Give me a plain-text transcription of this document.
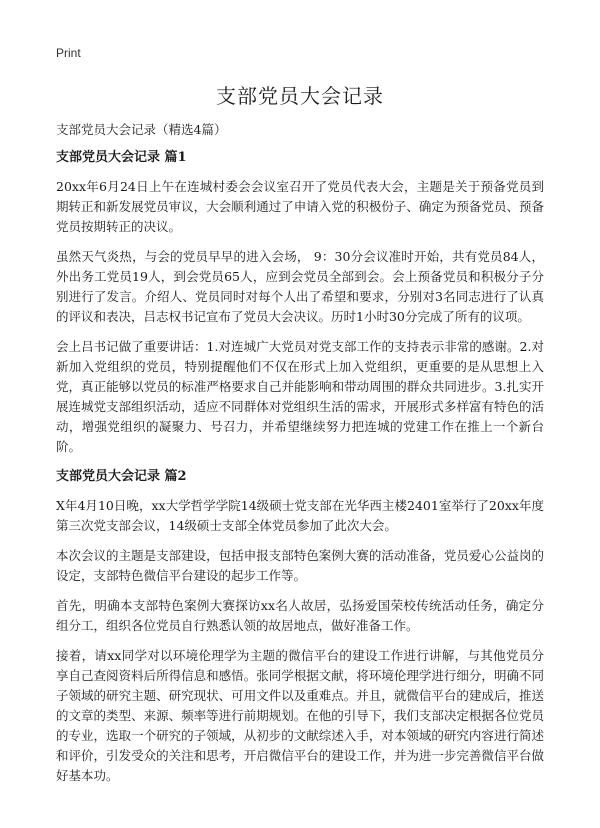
Print
支部党员大会记录

支部党员大会记录（精选4篇）

支部党员大会记录 篇1

20xx年6月24日上午在连城村委会会议室召开了党员代表大会，主题是关于预备党员到期转正和新发展党员审议，大会顺利通过了申请入党的积极份子、确定为预备党员、预备党员按期转正的决议。

虽然天气炎热，与会的党员早早的进入会场， 9：30分会议准时开始，共有党员84人，外出务工党员19人，到会党员65人，应到会党员全部到会。会上预备党员和积极分子分别进行了发言。介绍人、党员同时对每个人出了希望和要求，分别对3名同志进行了认真的评议和表决，吕志权书记宣布了党员大会决议。历时1小时30分完成了所有的议项。

会上吕书记做了重要讲话：1.对连城广大党员对党支部工作的支持表示非常的感谢。2.对新加入党组织的党员，特别提醒他们不仅在形式上加入党组织，更重要的是从思想上入党，真正能够以党员的标准严格要求自己并能影响和带动周围的群众共同进步。3.扎实开展连城党支部组织活动，适应不同群体对党组织生活的需求，开展形式多样富有特色的活动，增强党组织的凝聚力、号召力，并希望继续努力把连城的党建工作在推上一个新台阶。

支部党员大会记录 篇2

X年4月10日晚，xx大学哲学学院14级硕士党支部在光华西主楼2401室举行了20xx年度第三次党支部会议，14级硕士支部全体党员参加了此次大会。

本次会议的主题是支部建设，包括申报支部特色案例大赛的活动准备，党员爱心公益岗的设定，支部特色微信平台建设的起步工作等。

首先，明确本支部特色案例大赛探访xx名人故居，弘扬爱国荣校传统活动任务，确定分组分工，组织各位党员自行熟悉认领的故居地点，做好准备工作。

接着，请xx同学对以环境伦理学为主题的微信平台的建设工作进行讲解，与其他党员分享自己查阅资料后所得信息和感悟。张同学根据文献，将环境伦理学进行细分，明确不同子领域的研究主题、研究现状、可用文件以及重难点。并且，就微信平台的建成后，推送的文章的类型、来源、频率等进行前期规划。在他的引导下，我们支部决定根据各位党员的专业，选取一个研究的子领域，从初步的文献综述入手，对本领域的研究内容进行简述和评价，引发受众的关注和思考，开启微信平台的建设工作，并为进一步完善微信平台做好基本功。
